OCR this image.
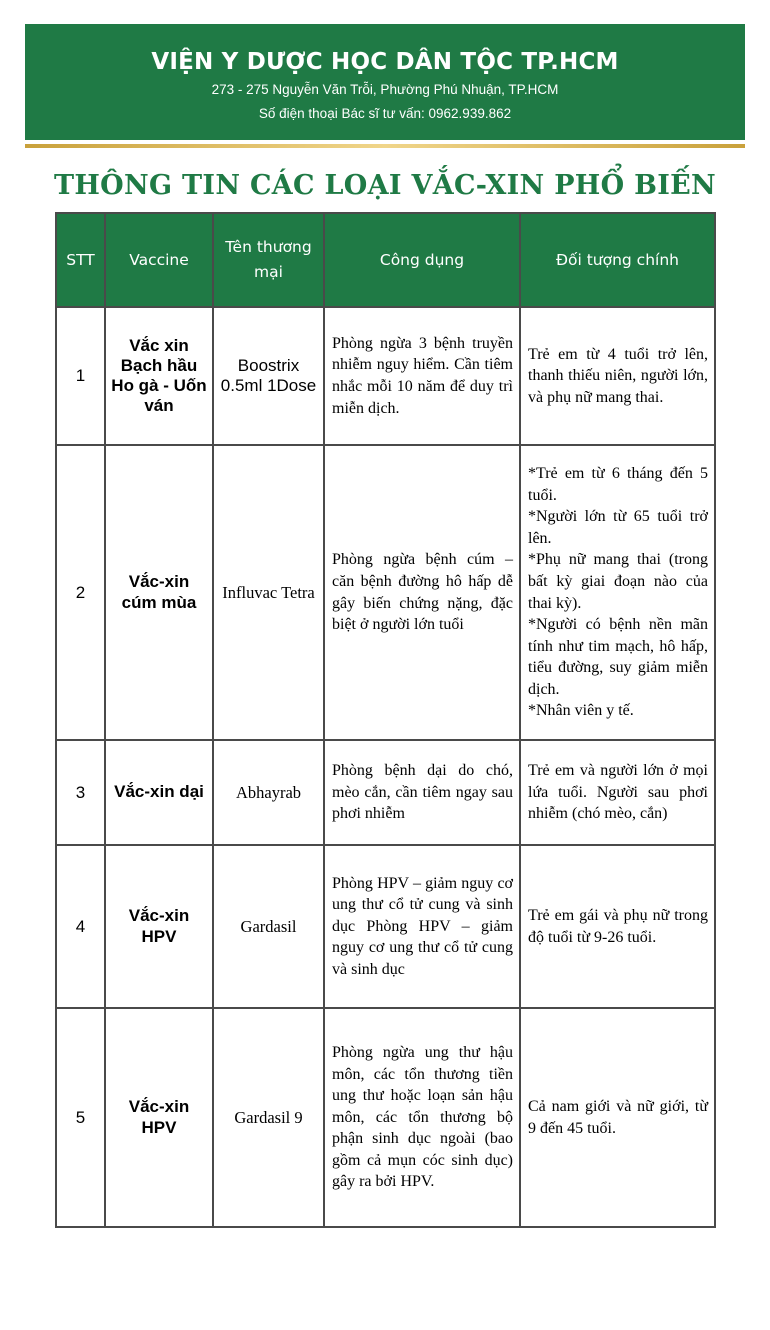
VIỆN Y DƯỢC HỌC DÂN TỘC TP.HCM
273 - 275 Nguyễn Văn Trỗi, Phường Phú Nhuận, TP.HCM
Số điện thoại Bác sĩ tư vấn: 0962.939.862
THÔNG TIN CÁC LOẠI VẮC-XIN PHỔ BIẾN
STT	Vaccine	Tên thương mại	Công dụng	Đối tượng chính
1	Vắc xin Bạch hầu Ho gà - Uốn ván	Boostrix 0.5ml 1Dose	Phòng ngừa 3 bệnh truyền nhiễm nguy hiểm. Cần tiêm nhắc mỗi 10 năm để duy trì miễn dịch.	Trẻ em từ 4 tuổi trở lên, thanh thiếu niên, người lớn, và phụ nữ mang thai.

2	Vắc-xin cúm mùa	Influvac Tetra	Phòng ngừa bệnh cúm – căn bệnh đường hô hấp dễ gây biến chứng nặng, đặc biệt ở người lớn tuổi	*Trẻ em từ 6 tháng đến 5 tuổi.
*Người lớn từ 65 tuổi trở lên.
*Phụ nữ mang thai (trong bất kỳ giai đoạn nào của thai kỳ).
*Người có bệnh nền mãn tính như tim mạch, hô hấp, tiểu đường, suy giảm miễn dịch.
*Nhân viên y tế.

3	Vắc-xin dại	Abhayrab	Phòng bệnh dại do chó, mèo cắn, cần tiêm ngay sau phơi nhiễm	Trẻ em và người lớn ở mọi lứa tuổi. Người sau phơi nhiễm (chó mèo, cắn)

4	Vắc-xin HPV	Gardasil	Phòng HPV – giảm nguy cơ ung thư cổ tử cung và sinh dục Phòng HPV – giảm nguy cơ ung thư cổ tử cung và sinh dục	Trẻ em gái và phụ nữ trong độ tuổi từ 9-26 tuổi.

5	Vắc-xin HPV	Gardasil 9	Phòng ngừa ung thư hậu môn, các tổn thương tiền ung thư hoặc loạn sản hậu môn, các tổn thương bộ phận sinh dục ngoài (bao gồm cả mụn cóc sinh dục) gây ra bởi HPV.	Cả nam giới và nữ giới, từ 9 đến 45 tuổi.
